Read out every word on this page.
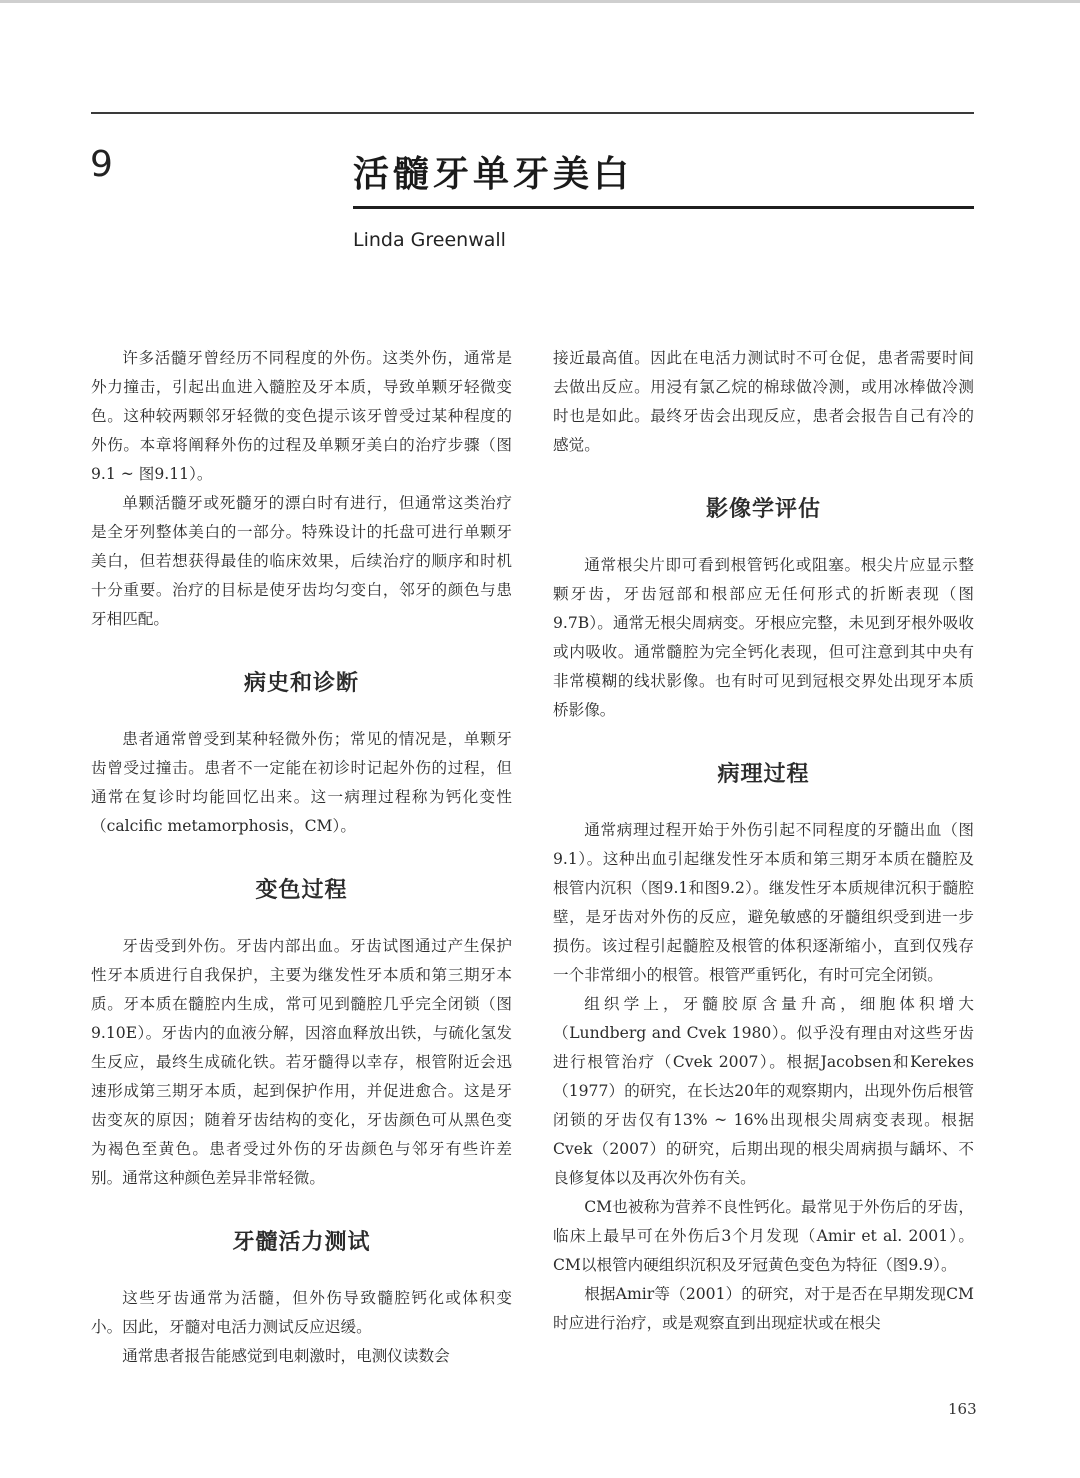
9	活髓牙单牙美白
Linda Greenwall

许多活髓牙曾经历不同程度的外伤。这类外伤，通常是外力撞击，引起出血进入髓腔及牙本质，导致单颗牙轻微变色。这种较两颗邻牙轻微的变色提示该牙曾受过某种程度的外伤。本章将阐释外伤的过程及单颗牙美白的治疗步骤（图9.1 ~ 图9.11）。

单颗活髓牙或死髓牙的漂白时有进行，但通常这类治疗是全牙列整体美白的一部分。特殊设计的托盘可进行单颗牙美白，但若想获得最佳的临床效果，后续治疗的顺序和时机十分重要。治疗的目标是使牙齿均匀变白，邻牙的颜色与患牙相匹配。

病史和诊断

患者通常曾受到某种轻微外伤；常见的情况是，单颗牙齿曾受过撞击。患者不一定能在初诊时记起外伤的过程，但通常在复诊时均能回忆出来。这一病理过程称为钙化变性（calcific metamorphosis，CM）。

变色过程

牙齿受到外伤。牙齿内部出血。牙齿试图通过产生保护性牙本质进行自我保护，主要为继发性牙本质和第三期牙本质。牙本质在髓腔内生成，常可见到髓腔几乎完全闭锁（图9.10E）。牙齿内的血液分解，因溶血释放出铁，与硫化氢发生反应，最终生成硫化铁。若牙髓得以幸存，根管附近会迅速形成第三期牙本质，起到保护作用，并促进愈合。这是牙齿变灰的原因；随着牙齿结构的变化，牙齿颜色可从黑色变为褐色至黄色。患者受过外伤的牙齿颜色与邻牙有些许差别。通常这种颜色差异非常轻微。

牙髓活力测试

这些牙齿通常为活髓，但外伤导致髓腔钙化或体积变小。因此，牙髓对电活力测试反应迟缓。

通常患者报告能感觉到电刺激时，电测仪读数会

接近最高值。因此在电活力测试时不可仓促，患者需要时间去做出反应。用浸有氯乙烷的棉球做冷测，或用冰棒做冷测时也是如此。最终牙齿会出现反应，患者会报告自己有冷的感觉。

影像学评估

通常根尖片即可看到根管钙化或阻塞。根尖片应显示整颗牙齿，牙齿冠部和根部应无任何形式的折断表现（图9.7B）。通常无根尖周病变。牙根应完整，未见到牙根外吸收或内吸收。通常髓腔为完全钙化表现，但可注意到其中央有非常模糊的线状影像。也有时可见到冠根交界处出现牙本质桥影像。

病理过程

通常病理过程开始于外伤引起不同程度的牙髓出血（图9.1）。这种出血引起继发性牙本质和第三期牙本质在髓腔及根管内沉积（图9.1和图9.2）。继发性牙本质规律沉积于髓腔壁，是牙齿对外伤的反应，避免敏感的牙髓组织受到进一步损伤。该过程引起髓腔及根管的体积逐渐缩小，直到仅残存一个非常细小的根管。根管严重钙化，有时可完全闭锁。

组织学上，牙髓胶原含量升高，细胞体积增大（Lundberg and Cvek 1980）。似乎没有理由对这些牙齿进行根管治疗（Cvek 2007）。根据Jacobsen和Kerekes（1977）的研究，在长达20年的观察期内，出现外伤后根管闭锁的牙齿仅有13% ~ 16%出现根尖周病变表现。根据Cvek（2007）的研究，后期出现的根尖周病损与龋坏、不良修复体以及再次外伤有关。

CM也被称为营养不良性钙化。最常见于外伤后的牙齿，临床上最早可在外伤后3个月发现（Amir et al. 2001）。CM以根管内硬组织沉积及牙冠黄色变色为特征（图9.9）。

根据Amir等（2001）的研究，对于是否在早期发现CM时应进行治疗，或是观察直到出现症状或在根尖

163
